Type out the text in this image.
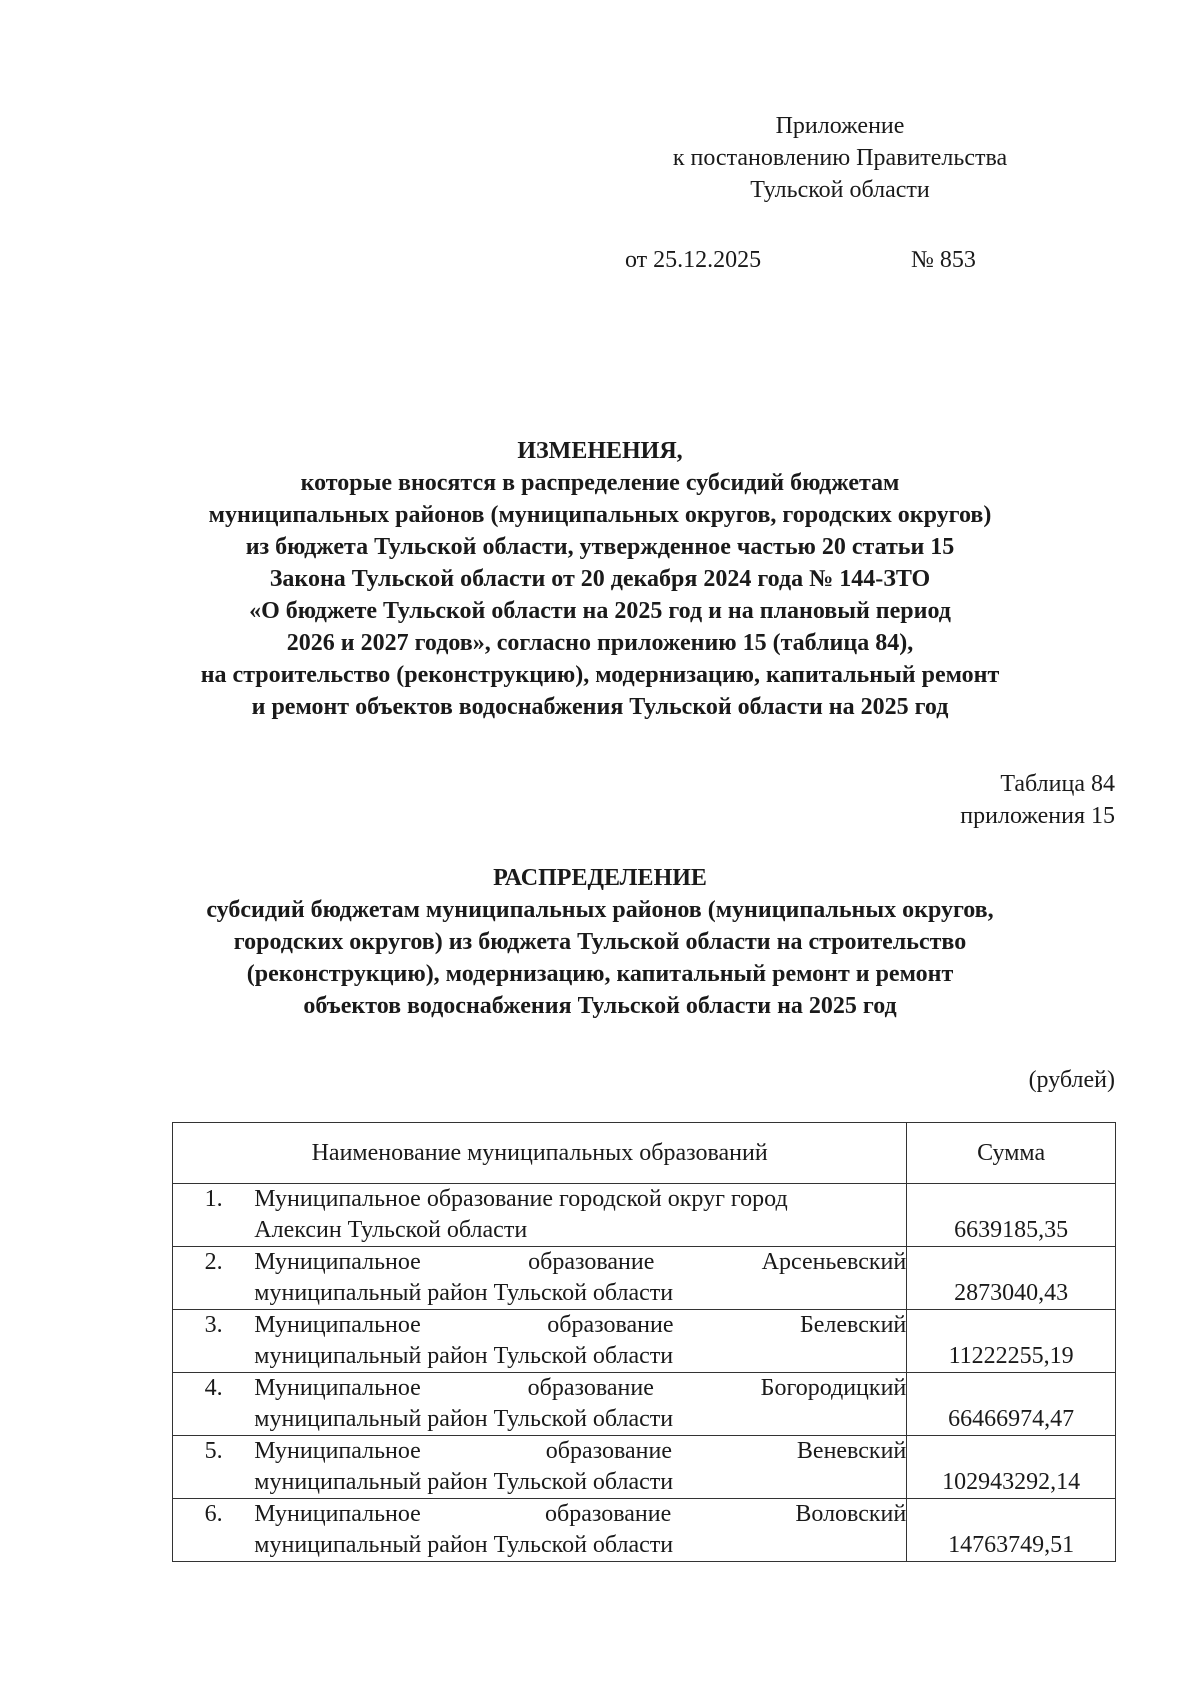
Приложение
к постановлению Правительства
Тульской области
от 25.12.2025	№ 853
ИЗМЕНЕНИЯ,
которые вносятся в распределение субсидий бюджетам
муниципальных районов (муниципальных округов, городских округов)
из бюджета Тульской области, утвержденное частью 20 статьи 15
Закона Тульской области от 20 декабря 2024 года № 144-ЗТО
«О бюджете Тульской области на 2025 год и на плановый период
2026 и 2027 годов», согласно приложению 15 (таблица 84),
на строительство (реконструкцию), модернизацию, капитальный ремонт
и ремонт объектов водоснабжения Тульской области на 2025 год
Таблица 84
приложения 15
РАСПРЕДЕЛЕНИЕ
субсидий бюджетам муниципальных районов (муниципальных округов,
городских округов) из бюджета Тульской области на строительство
(реконструкцию), модернизацию, капитальный ремонт и ремонт
объектов водоснабжения Тульской области на 2025 год
(рублей)
Наименование муниципальных образований		Сумма
1.	Муниципальное образование городской округ город
Алексин Тульской области	6639185,35
2.	Муниципальное образование Арсеньевский
муниципальный район Тульской области	2873040,43
3.	Муниципальное образование Белевский
муниципальный район Тульской области	11222255,19
4.	Муниципальное образование Богородицкий
муниципальный район Тульской области	66466974,47
5.	Муниципальное образование Веневский
муниципальный район Тульской области	102943292,14
6.	Муниципальное образование Воловский
муниципальный район Тульской области	14763749,51
